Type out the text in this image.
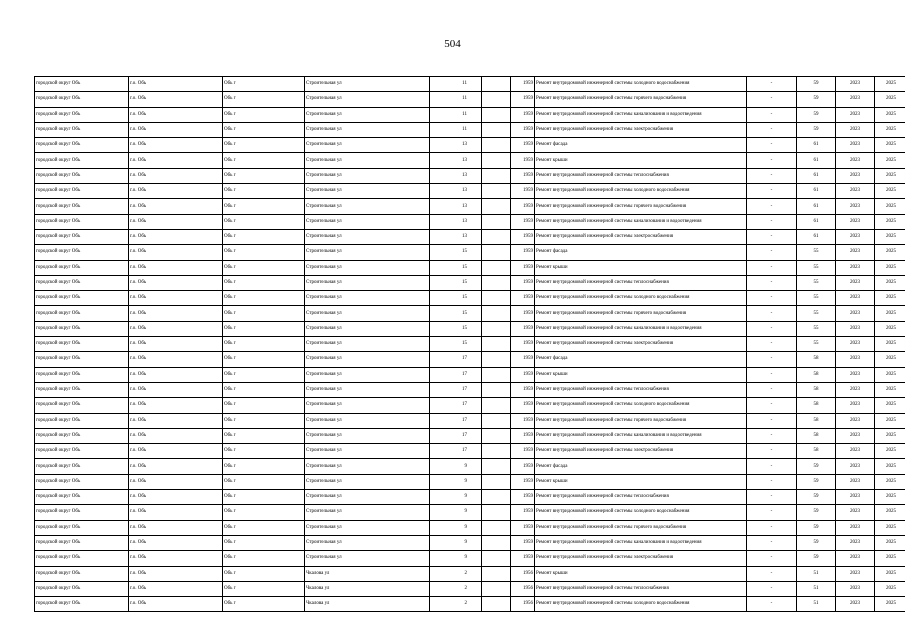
504
городской округ Обь	г.о. Обь	Обь г	Строительная ул	11		1959	Ремонт внутридомовой инженерной системы холодного водоснабжения	-	59	2023	2025
городской округ Обь	г.о. Обь	Обь г	Строительная ул	11		1959	Ремонт внутридомовой инженерной системы горячего водоснабжения	-	59	2023	2025
городской округ Обь	г.о. Обь	Обь г	Строительная ул	11		1959	Ремонт внутридомовой инженерной системы канализования и водоотведения	-	59	2023	2025
городской округ Обь	г.о. Обь	Обь г	Строительная ул	11		1959	Ремонт внутридомовой инженерной системы электроснабжения	-	59	2023	2025
городской округ Обь	г.о. Обь	Обь г	Строительная ул	13		1959	Ремонт фасада	-	61	2023	2025
городской округ Обь	г.о. Обь	Обь г	Строительная ул	13		1959	Ремонт крыши	-	61	2023	2025
городской округ Обь	г.о. Обь	Обь г	Строительная ул	13		1959	Ремонт внутридомовой инженерной системы теплоснабжения	-	61	2023	2025
городской округ Обь	г.о. Обь	Обь г	Строительная ул	13		1959	Ремонт внутридомовой инженерной системы холодного водоснабжения	-	61	2023	2025
городской округ Обь	г.о. Обь	Обь г	Строительная ул	13		1959	Ремонт внутридомовой инженерной системы горячего водоснабжения	-	61	2023	2025
городской округ Обь	г.о. Обь	Обь г	Строительная ул	13		1959	Ремонт внутридомовой инженерной системы канализования и водоотведения	-	61	2023	2025
городской округ Обь	г.о. Обь	Обь г	Строительная ул	13		1959	Ремонт внутридомовой инженерной системы электроснабжения	-	61	2023	2025
городской округ Обь	г.о. Обь	Обь г	Строительная ул	15		1959	Ремонт фасада	-	55	2023	2025
городской округ Обь	г.о. Обь	Обь г	Строительная ул	15		1959	Ремонт крыши	-	55	2023	2025
городской округ Обь	г.о. Обь	Обь г	Строительная ул	15		1959	Ремонт внутридомовой инженерной системы теплоснабжения	-	55	2023	2025
городской округ Обь	г.о. Обь	Обь г	Строительная ул	15		1959	Ремонт внутридомовой инженерной системы холодного водоснабжения	-	55	2023	2025
городской округ Обь	г.о. Обь	Обь г	Строительная ул	15		1959	Ремонт внутридомовой инженерной системы горячего водоснабжения	-	55	2023	2025
городской округ Обь	г.о. Обь	Обь г	Строительная ул	15		1959	Ремонт внутридомовой инженерной системы канализования и водоотведения	-	55	2023	2025
городской округ Обь	г.о. Обь	Обь г	Строительная ул	15		1959	Ремонт внутридомовой инженерной системы электроснабжения	-	55	2023	2025
городской округ Обь	г.о. Обь	Обь г	Строительная ул	17		1959	Ремонт фасада	-	58	2023	2025
городской округ Обь	г.о. Обь	Обь г	Строительная ул	17		1959	Ремонт крыши	-	58	2023	2025
городской округ Обь	г.о. Обь	Обь г	Строительная ул	17		1959	Ремонт внутридомовой инженерной системы теплоснабжения	-	58	2023	2025
городской округ Обь	г.о. Обь	Обь г	Строительная ул	17		1959	Ремонт внутридомовой инженерной системы холодного водоснабжения	-	58	2023	2025
городской округ Обь	г.о. Обь	Обь г	Строительная ул	17		1959	Ремонт внутридомовой инженерной системы горячего водоснабжения	-	58	2023	2025
городской округ Обь	г.о. Обь	Обь г	Строительная ул	17		1959	Ремонт внутридомовой инженерной системы канализования и водоотведения	-	58	2023	2025
городской округ Обь	г.о. Обь	Обь г	Строительная ул	17		1959	Ремонт внутридомовой инженерной системы электроснабжения	-	58	2023	2025
городской округ Обь	г.о. Обь	Обь г	Строительная ул	9		1959	Ремонт фасада	-	59	2023	2025
городской округ Обь	г.о. Обь	Обь г	Строительная ул	9		1959	Ремонт крыши	-	59	2023	2025
городской округ Обь	г.о. Обь	Обь г	Строительная ул	9		1959	Ремонт внутридомовой инженерной системы теплоснабжения	-	59	2023	2025
городской округ Обь	г.о. Обь	Обь г	Строительная ул	9		1959	Ремонт внутридомовой инженерной системы холодного водоснабжения	-	59	2023	2025
городской округ Обь	г.о. Обь	Обь г	Строительная ул	9		1959	Ремонт внутридомовой инженерной системы горячего водоснабжения	-	59	2023	2025
городской округ Обь	г.о. Обь	Обь г	Строительная ул	9		1959	Ремонт внутридомовой инженерной системы канализования и водоотведения	-	59	2023	2025
городской округ Обь	г.о. Обь	Обь г	Строительная ул	9		1959	Ремонт внутридомовой инженерной системы электроснабжения	-	59	2023	2025
городской округ Обь	г.о. Обь	Обь г	Чкалова ул	2		1956	Ремонт крыши	-	51	2023	2025
городской округ Обь	г.о. Обь	Обь г	Чкалова ул	2		1956	Ремонт внутридомовой инженерной системы теплоснабжения	-	51	2023	2025
городской округ Обь	г.о. Обь	Обь г	Чкалова ул	2		1956	Ремонт внутридомовой инженерной системы холодного водоснабжения	-	51	2023	2025
